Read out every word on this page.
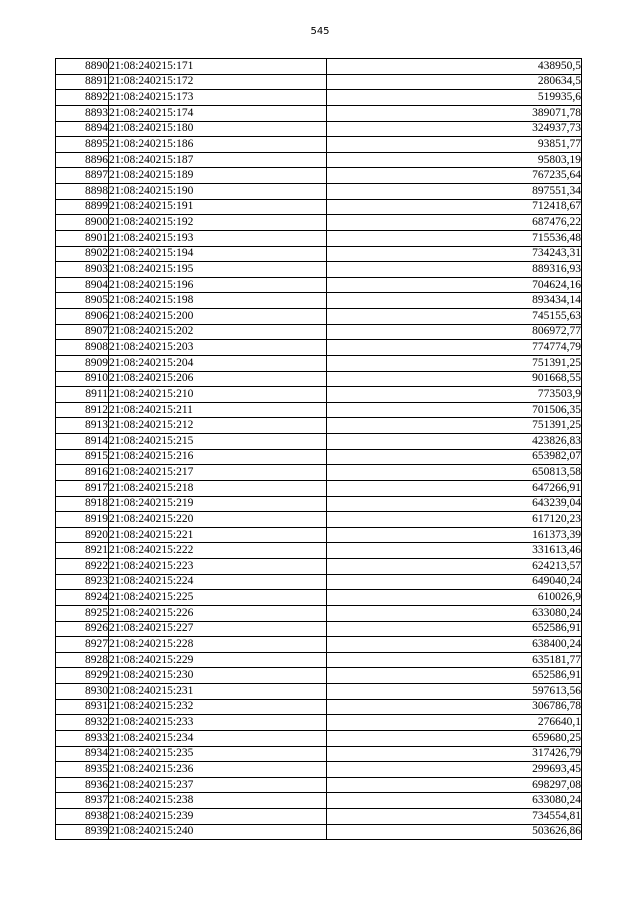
545
8890	21:08:240215:171	438950,5
8891	21:08:240215:172	280634,5
8892	21:08:240215:173	519935,6
8893	21:08:240215:174	389071,78
8894	21:08:240215:180	324937,73
8895	21:08:240215:186	93851,77
8896	21:08:240215:187	95803,19
8897	21:08:240215:189	767235,64
8898	21:08:240215:190	897551,34
8899	21:08:240215:191	712418,67
8900	21:08:240215:192	687476,22
8901	21:08:240215:193	715536,48
8902	21:08:240215:194	734243,31
8903	21:08:240215:195	889316,93
8904	21:08:240215:196	704624,16
8905	21:08:240215:198	893434,14
8906	21:08:240215:200	745155,63
8907	21:08:240215:202	806972,77
8908	21:08:240215:203	774774,79
8909	21:08:240215:204	751391,25
8910	21:08:240215:206	901668,55
8911	21:08:240215:210	773503,9
8912	21:08:240215:211	701506,35
8913	21:08:240215:212	751391,25
8914	21:08:240215:215	423826,83
8915	21:08:240215:216	653982,07
8916	21:08:240215:217	650813,58
8917	21:08:240215:218	647266,91
8918	21:08:240215:219	643239,04
8919	21:08:240215:220	617120,23
8920	21:08:240215:221	161373,39
8921	21:08:240215:222	331613,46
8922	21:08:240215:223	624213,57
8923	21:08:240215:224	649040,24
8924	21:08:240215:225	610026,9
8925	21:08:240215:226	633080,24
8926	21:08:240215:227	652586,91
8927	21:08:240215:228	638400,24
8928	21:08:240215:229	635181,77
8929	21:08:240215:230	652586,91
8930	21:08:240215:231	597613,56
8931	21:08:240215:232	306786,78
8932	21:08:240215:233	276640,1
8933	21:08:240215:234	659680,25
8934	21:08:240215:235	317426,79
8935	21:08:240215:236	299693,45
8936	21:08:240215:237	698297,08
8937	21:08:240215:238	633080,24
8938	21:08:240215:239	734554,81
8939	21:08:240215:240	503626,86
